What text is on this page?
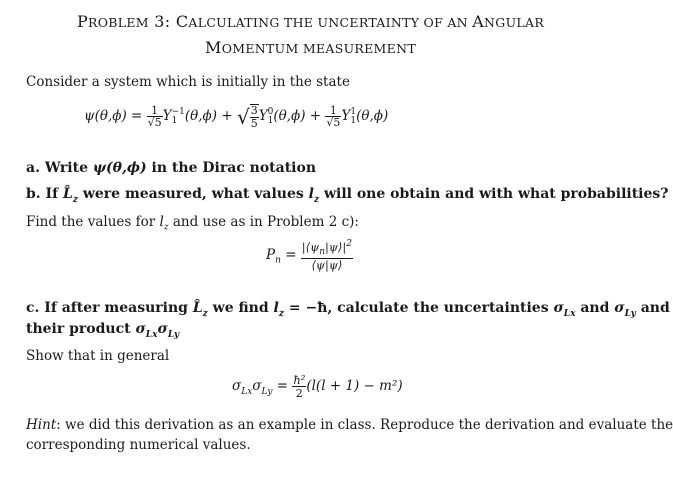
PROBLEM 3: CALCULATING THE UNCERTAINTY OF AN ANGULAR
MOMENTUM MEASUREMENT
Consider a system which is initially in the state
$\psi(\theta,\phi) = \frac{1}{√5}$ Y −1
1 (θ,ϕ) + √ $\frac{3}{5}$ Y 0
1 $(\theta,\phi) + \frac{1}{√5}$ Y 1
1 (θ,ϕ)
a. Write ψ(θ,ϕ) in the Dirac notation
b. If $L̂_z$ were measured, what values $l_z$ will one obtain and with what probabilities?
Find the values for $l_z$ and use as in Problem 2 c):
$P_n = \frac{|⟨\psi_n|\psi⟩|^2}{⟨\psi|\psi⟩}$
c. If after measuring $L̂_z$ we find $l_z$ = −ħ, calculate the uncertainties $\sigma_{Lx}$ and $\sigma_{Ly}$ and
their product $\sigma_{Lx}\sigma_{Ly}$
Show that in general
$\sigma_{Lx}\sigma_{Ly} = \frac{\text{ħ²}}{2} (l(l + 1) - m^2)$
Hint: we did this derivation as an example in class. Reproduce the derivation and evaluate the
corresponding numerical values.
